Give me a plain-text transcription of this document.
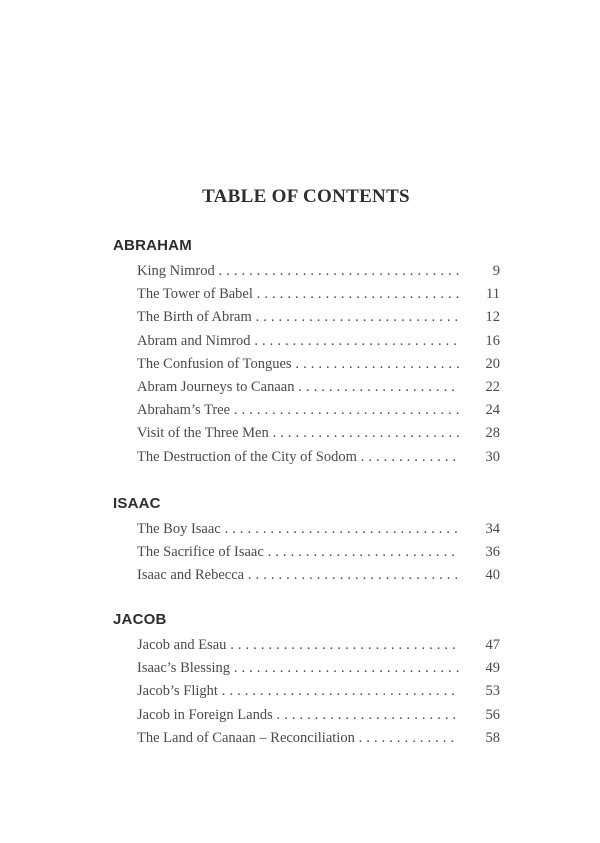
TABLE OF CONTENTS
ABRAHAM
King Nimrod . . .	9
The Tower of Babel . . .	11
The Birth of Abram . . .	12
Abram and Nimrod . . .	16
The Confusion of Tongues . . .	20
Abram Journeys to Canaan . . .	22
Abraham’s Tree . . .	24
Visit of the Three Men . . .	28
The Destruction of the City of Sodom . . .	30
ISAAC
The Boy Isaac . . .	34
The Sacrifice of Isaac . . .	36
Isaac and Rebecca . . .	40
JACOB
Jacob and Esau . . .	47
Isaac’s Blessing . . .	49
Jacob’s Flight . . .	53
Jacob in Foreign Lands . . .	56
The Land of Canaan – Reconciliation . . .	58
